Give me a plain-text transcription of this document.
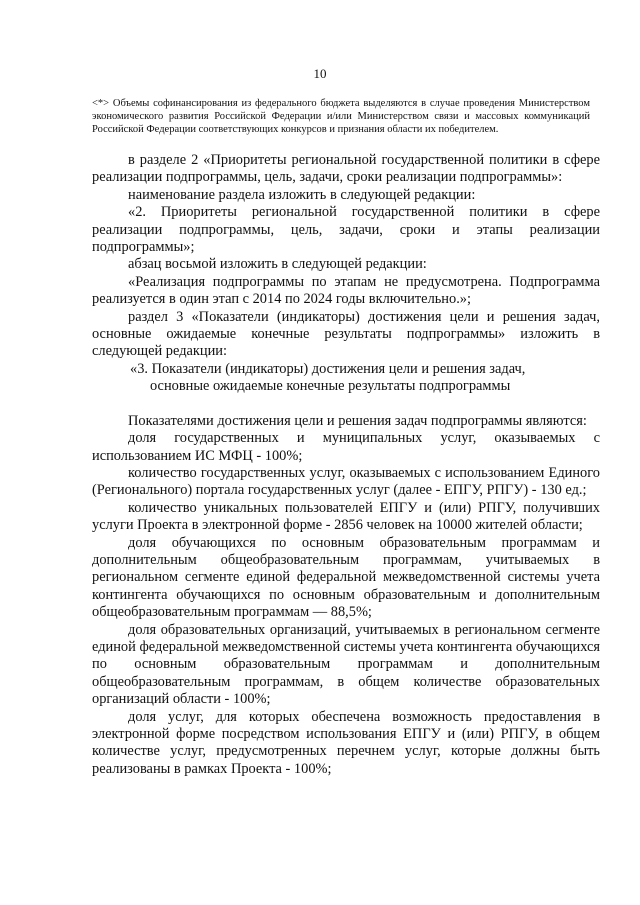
10

<*> Объемы софинансирования из федерального бюджета выделяются в случае проведения Министерством экономического развития Российской Федерации и/или Министерством связи и массовых коммуникаций Российской Федерации соответствующих конкурсов и признания области их победителем.

в разделе 2 «Приоритеты региональной государственной политики в сфере реализации подпрограммы, цель, задачи, сроки реализации подпрограммы»:

наименование раздела изложить в следующей редакции:

«2. Приоритеты региональной государственной политики в сфере реализации подпрограммы, цель, задачи, сроки и этапы реализации подпрограммы»;

абзац восьмой изложить в следующей редакции:

«Реализация подпрограммы по этапам не предусмотрена. Подпрограмма реализуется в один этап с 2014 по 2024 годы включительно.»;

раздел 3 «Показатели (индикаторы) достижения цели и решения задач, основные ожидаемые конечные результаты подпрограммы» изложить в следующей редакции:

«3. Показатели (индикаторы) достижения цели и решения задач,

основные ожидаемые конечные результаты подпрограммы

Показателями достижения цели и решения задач подпрограммы являются:

доля государственных и муниципальных услуг, оказываемых с использованием ИС МФЦ - 100%;

количество государственных услуг, оказываемых с использованием Единого (Регионального) портала государственных услуг (далее - ЕПГУ, РПГУ) - 130 ед.;

количество уникальных пользователей ЕПГУ и (или) РПГУ, получивших услуги Проекта в электронной форме - 2856 человек на 10000 жителей области;

доля обучающихся по основным образовательным программам и дополнительным общеобразовательным программам, учитываемых в региональном сегменте единой федеральной межведомственной системы учета контингента обучающихся по основным образовательным и дополнительным общеобразовательным программам — 88,5%;

доля образовательных организаций, учитываемых в региональном сегменте единой федеральной межведомственной системы учета контингента обучающихся по основным образовательным программам и дополнительным общеобразовательным программам, в общем количестве образовательных организаций области - 100%;

доля услуг, для которых обеспечена возможность предоставления в электронной форме посредством использования ЕПГУ и (или) РПГУ, в общем количестве услуг, предусмотренных перечнем услуг, которые должны быть реализованы в рамках Проекта - 100%;
